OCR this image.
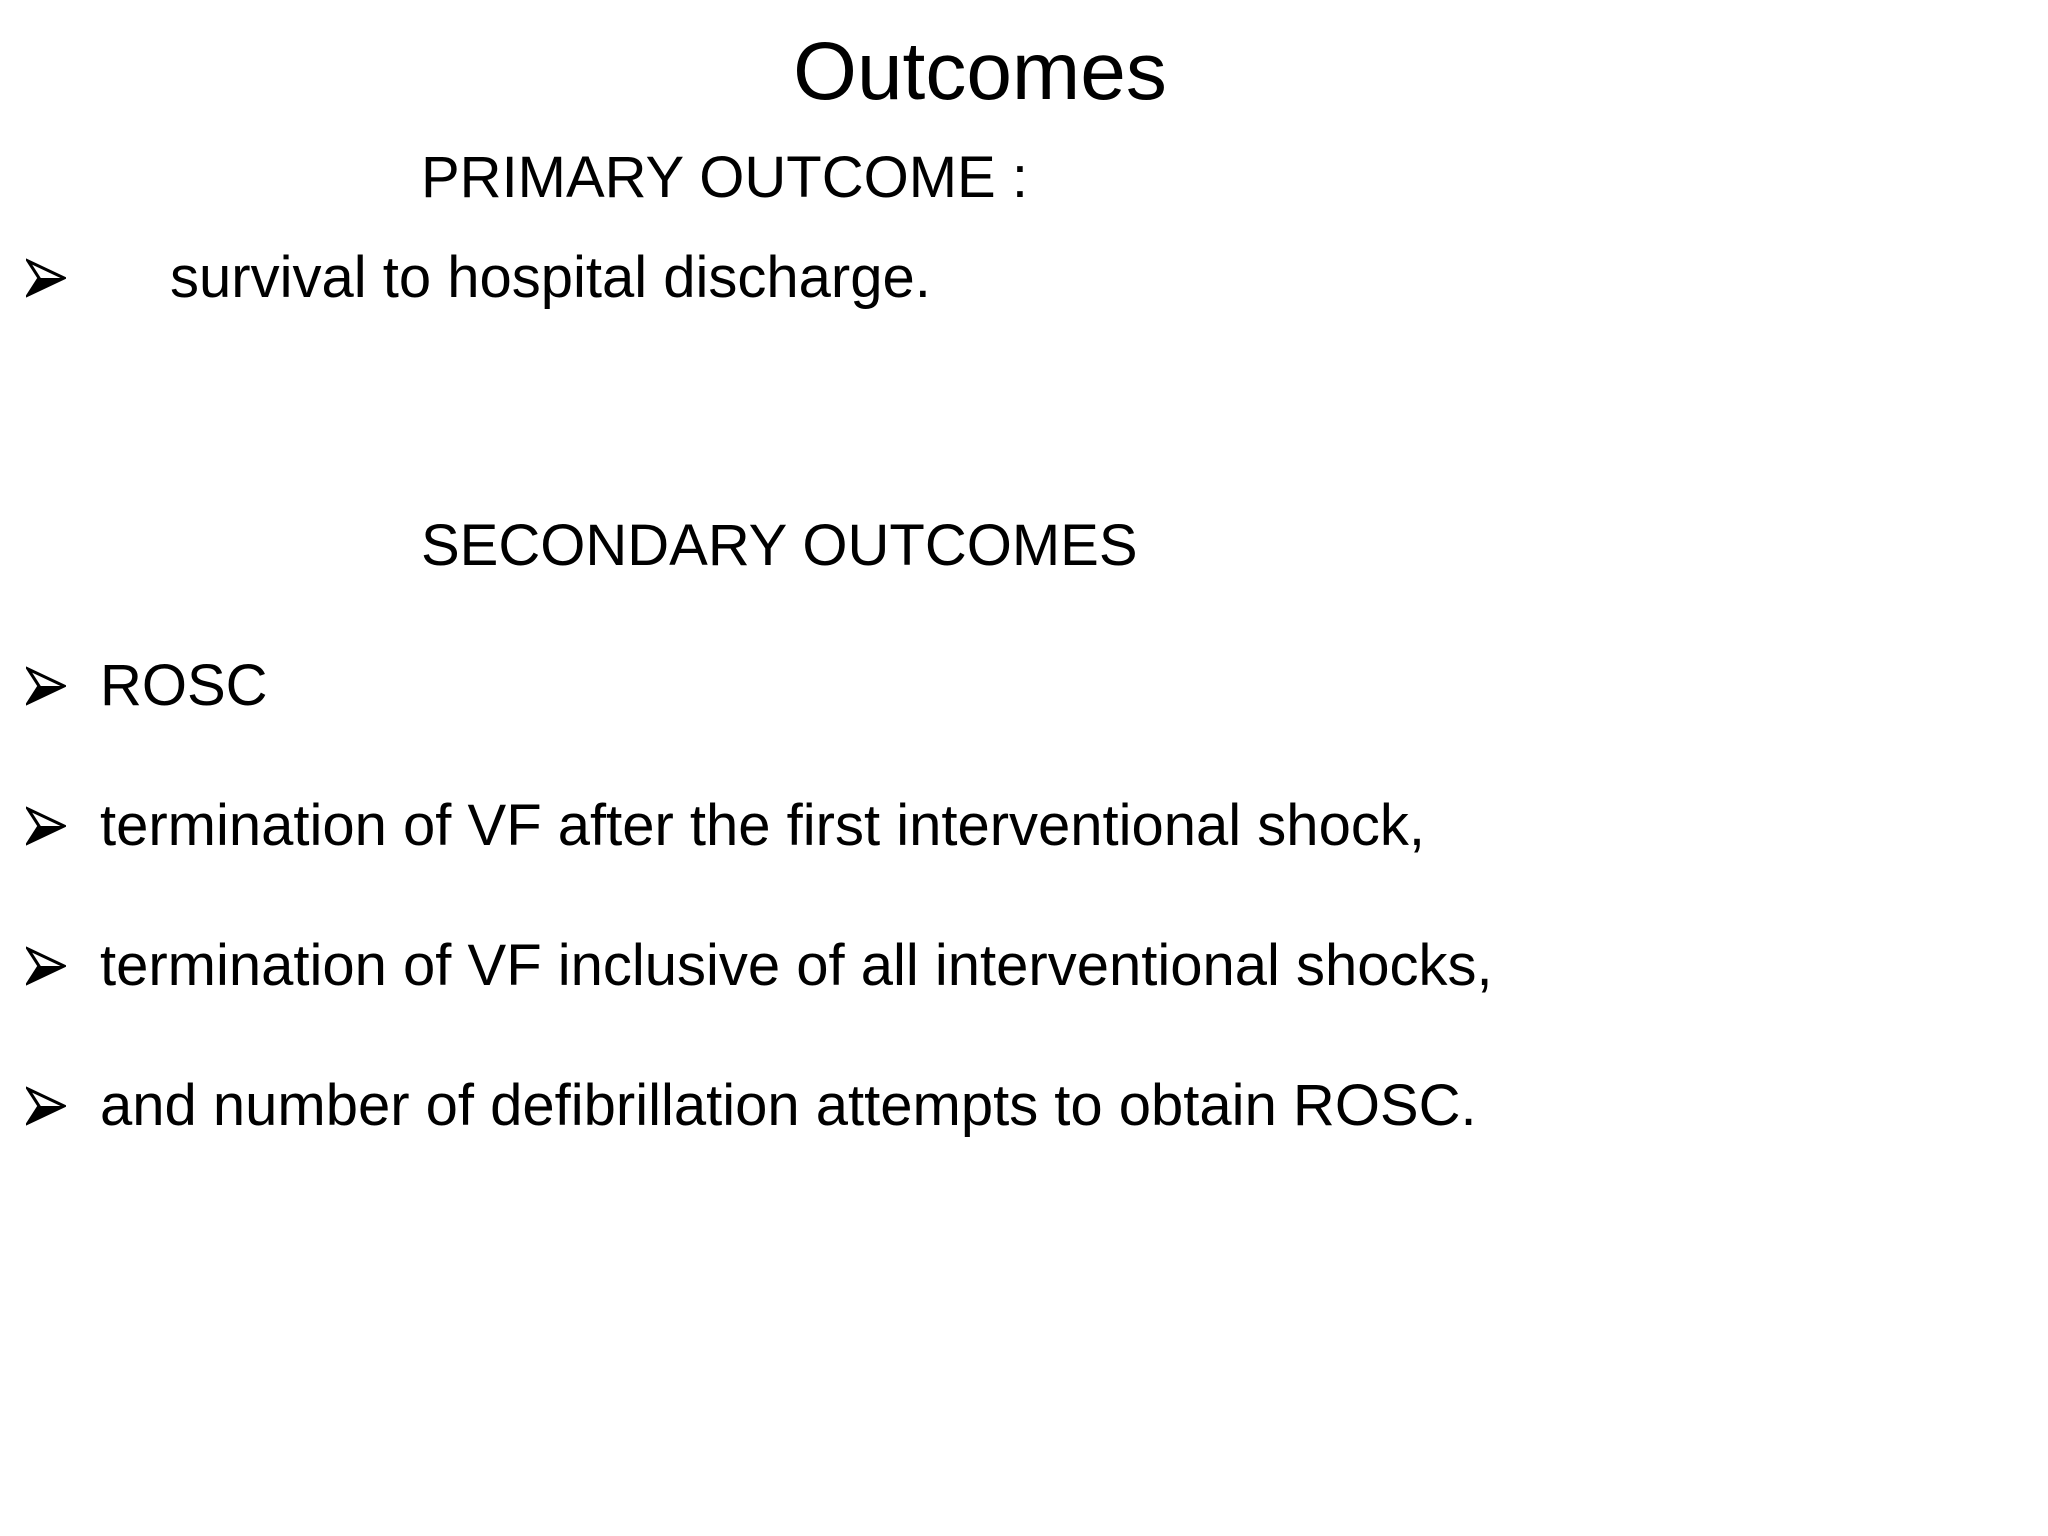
Outcomes
PRIMARY OUTCOME :
survival to hospital discharge.
SECONDARY OUTCOMES
ROSC
termination of VF after the first interventional shock,
termination of VF inclusive of all interventional shocks,
and number of defibrillation attempts to obtain ROSC.
